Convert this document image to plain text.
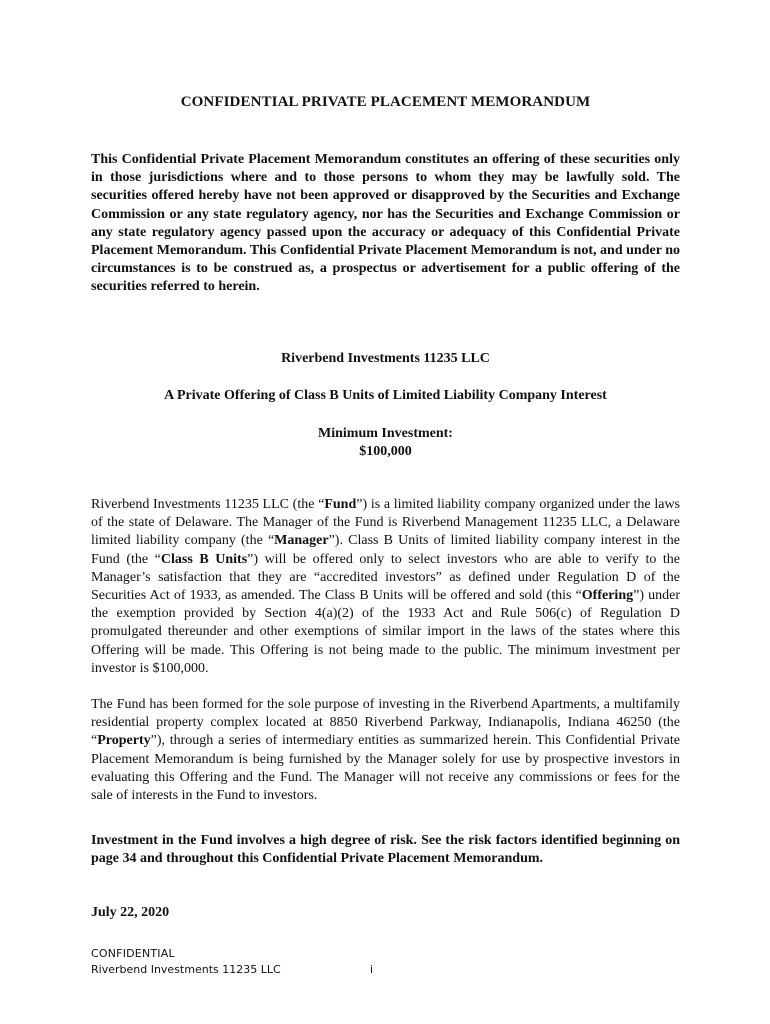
CONFIDENTIAL PRIVATE PLACEMENT MEMORANDUM

This Confidential Private Placement Memorandum constitutes an offering of these securities only in those jurisdictions where and to those persons to whom they may be lawfully sold. The securities offered hereby have not been approved or disapproved by the Securities and Exchange Commission or any state regulatory agency, nor has the Securities and Exchange Commission or any state regulatory agency passed upon the accuracy or adequacy of this Confidential Private Placement Memorandum. This Confidential Private Placement Memorandum is not, and under no circumstances is to be construed as, a prospectus or advertisement for a public offering of the securities referred to herein.

Riverbend Investments 11235 LLC
A Private Offering of Class B Units of Limited Liability Company Interest
Minimum Investment:
$100,000

Riverbend Investments 11235 LLC (the “Fund”) is a limited liability company organized under the laws of the state of Delaware. The Manager of the Fund is Riverbend Management 11235 LLC, a Delaware limited liability company (the “Manager”). Class B Units of limited liability company interest in the Fund (the “Class B Units”) will be offered only to select investors who are able to verify to the Manager’s satisfaction that they are “accredited investors” as defined under Regulation D of the Securities Act of 1933, as amended. The Class B Units will be offered and sold (this “Offering”) under the exemption provided by Section 4(a)(2) of the 1933 Act and Rule 506(c) of Regulation D promulgated thereunder and other exemptions of similar import in the laws of the states where this Offering will be made. This Offering is not being made to the public. The minimum investment per investor is $100,000.

The Fund has been formed for the sole purpose of investing in the Riverbend Apartments, a multifamily residential property complex located at 8850 Riverbend Parkway, Indianapolis, Indiana 46250 (the “Property”), through a series of intermediary entities as summarized herein. This Confidential Private Placement Memorandum is being furnished by the Manager solely for use by prospective investors in evaluating this Offering and the Fund. The Manager will not receive any commissions or fees for the sale of interests in the Fund to investors.

Investment in the Fund involves a high degree of risk. See the risk factors identified beginning on page 34 and throughout this Confidential Private Placement Memorandum.

July 22, 2020
CONFIDENTIAL
Riverbend Investments 11235 LLC	i
